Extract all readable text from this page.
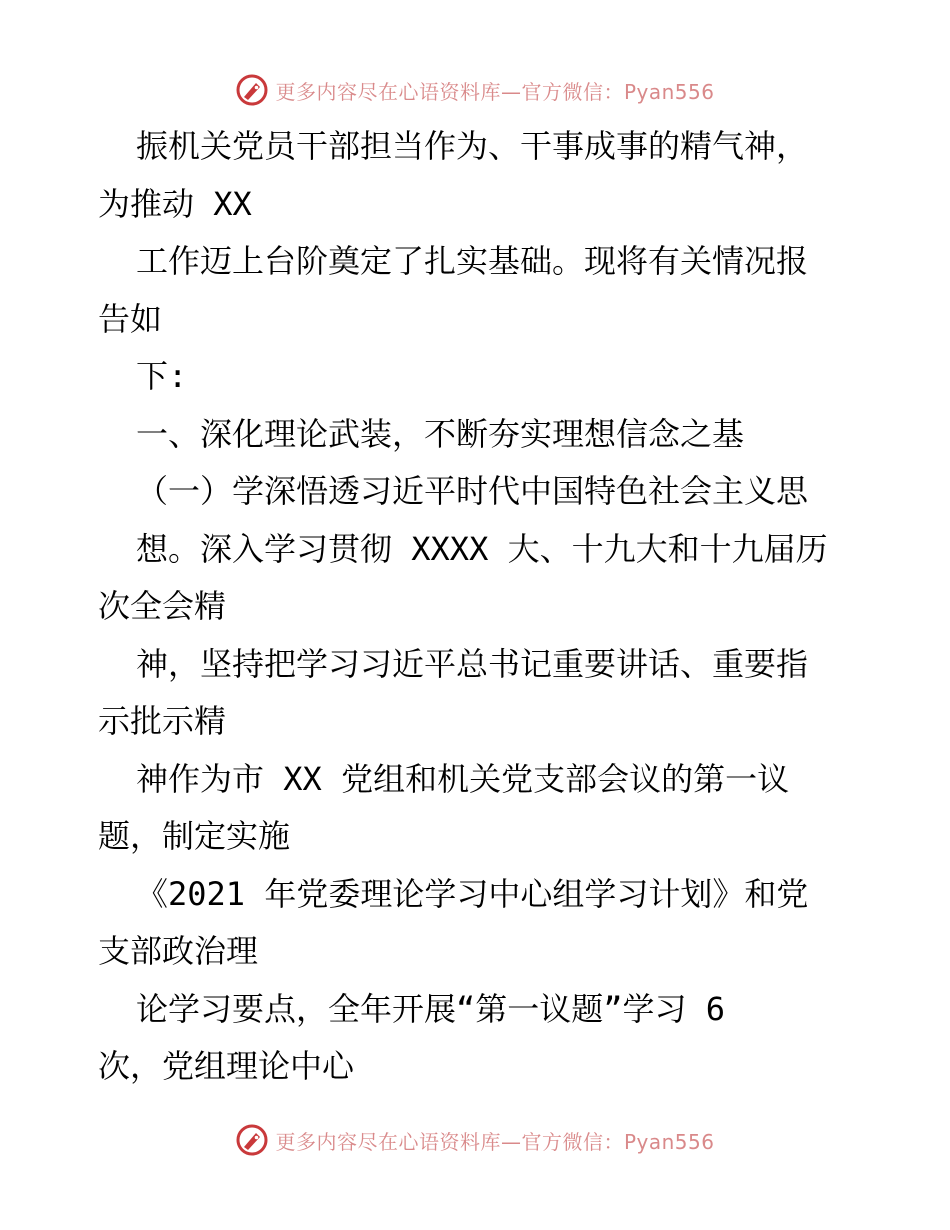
更多内容尽在心语资料库—官方微信：Pyan556
振机关党员干部担当作为、干事成事的精气神，
为推动 XX
工作迈上台阶奠定了扎实基础。现将有关情况报
告如
下:
一、深化理论武装，不断夯实理想信念之基
（一）学深悟透习近平时代中国特色社会主义思
想。深入学习贯彻 XXXX 大、十九大和十九届历
次全会精
神，坚持把学习习近平总书记重要讲话、重要指
示批示精
神作为市 XX 党组和机关党支部会议的第一议
题，制定实施
《2021 年党委理论学习中心组学习计划》和党
支部政治理
论学习要点，全年开展“第一议题”学习 6
次，党组理论中心
更多内容尽在心语资料库—官方微信：Pyan556
